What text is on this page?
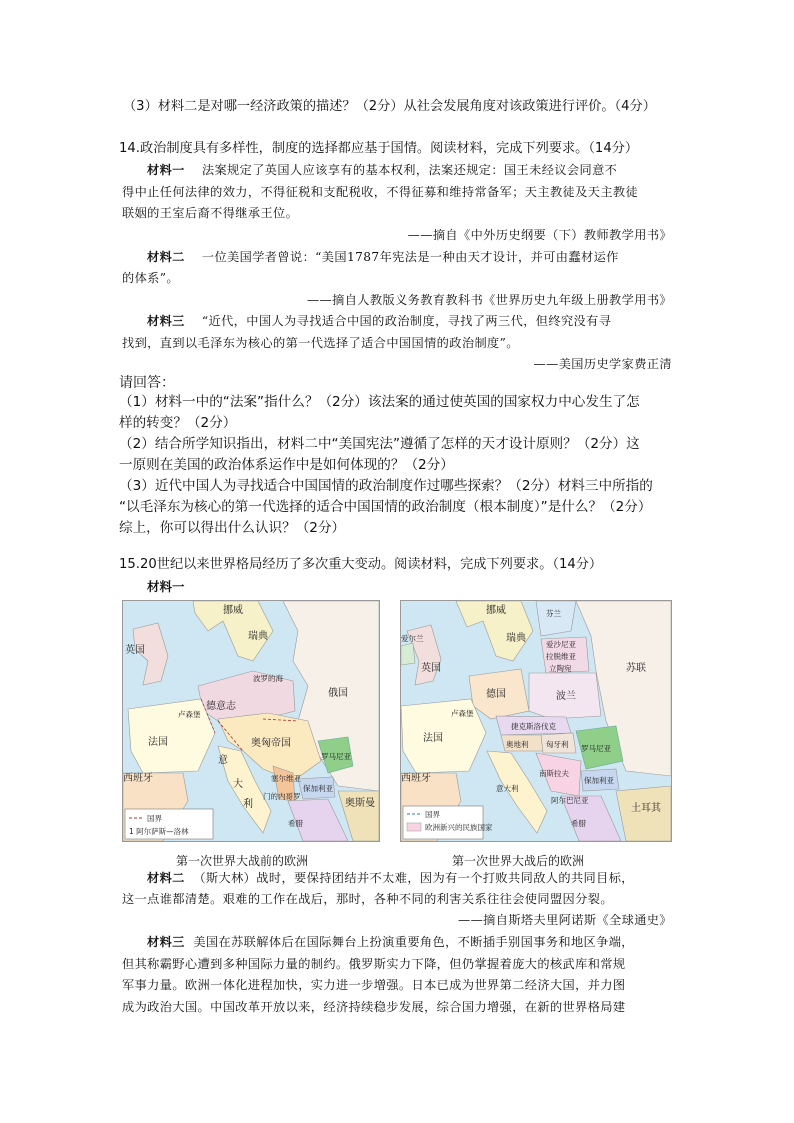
（3）材料二是对哪一经济政策的描述？（2分）从社会发展角度对该政策进行评价。（4分）
14.政治制度具有多样性，制度的选择都应基于国情。阅读材料，完成下列要求。（14分）
材料一 法案规定了英国人应该享有的基本权利，法案还规定：国王未经议会同意不
得中止任何法律的效力，不得征税和支配税收，不得征募和维持常备军；天主教徒及天主教徒
联姻的王室后裔不得继承王位。
——摘自《中外历史纲要（下）教师教学用书》
材料二 一位美国学者曾说：“美国1787年宪法是一种由天才设计，并可由蠢材运作
的体系”。
——摘自人教版义务教育教科书《世界历史九年级上册教学用书》
材料三 “近代，中国人为寻找适合中国的政治制度，寻找了两三代，但终究没有寻
找到，直到以毛泽东为核心的第一代选择了适合中国国情的政治制度”。
——美国历史学家费正清
请回答：
（1）材料一中的“法案”指什么？（2分）该法案的通过使英国的国家权力中心发生了怎
样的转变？（2分）
（2）结合所学知识指出，材料二中“美国宪法”遵循了怎样的天才设计原则？（2分）这
一原则在美国的政治体系运作中是如何体现的？（2分）
（3）近代中国人为寻找适合中国国情的政治制度作过哪些探索？（2分）材料三中所指的
“以毛泽东为核心的第一代选择的适合中国国情的政治制度（根本制度）”是什么？（2分）
综上，你可以得出什么认识？（2分）
15.20世纪以来世界格局经历了多次重大变动。阅读材料，完成下列要求。（14分）
材料一
挪威
瑞典
英国
波罗的海
德意志
俄国
卢森堡
法国	奥匈帝国
罗马尼亚
塞尔维亚
保加利亚
西班牙
意
大
利
门的内哥罗
希腊
奥斯曼
国界
1 阿尔萨斯—洛林
第一次世界大战前的欧洲
挪威	芬兰
瑞典
爱沙尼亚
拉脱维亚
立陶宛
爱尔兰
英国	苏联
德国	波兰
卢森堡
捷克斯洛伐克
奥地利 匈牙利 罗马尼亚
法国
南斯拉夫
保加利亚
西班牙
意大利
阿尔巴尼亚
希腊
土耳其
国界
欧洲新兴的民族国家
第一次世界大战后的欧洲
材料二 （斯大林）战时，要保持团结并不太难，因为有一个打败共同敌人的共同目标，
这一点谁都清楚。艰难的工作在战后，那时，各种不同的利害关系往往会使同盟因分裂。
——摘自斯塔夫里阿诺斯《全球通史》
材料三 美国在苏联解体后在国际舞台上扮演重要角色，不断插手别国事务和地区争端，
但其称霸野心遭到多种国际力量的制约。俄罗斯实力下降，但仍掌握着庞大的核武库和常规
军事力量。欧洲一体化进程加快，实力进一步增强。日本已成为世界第二经济大国，并力图
成为政治大国。中国改革开放以来，经济持续稳步发展，综合国力增强，在新的世界格局建
